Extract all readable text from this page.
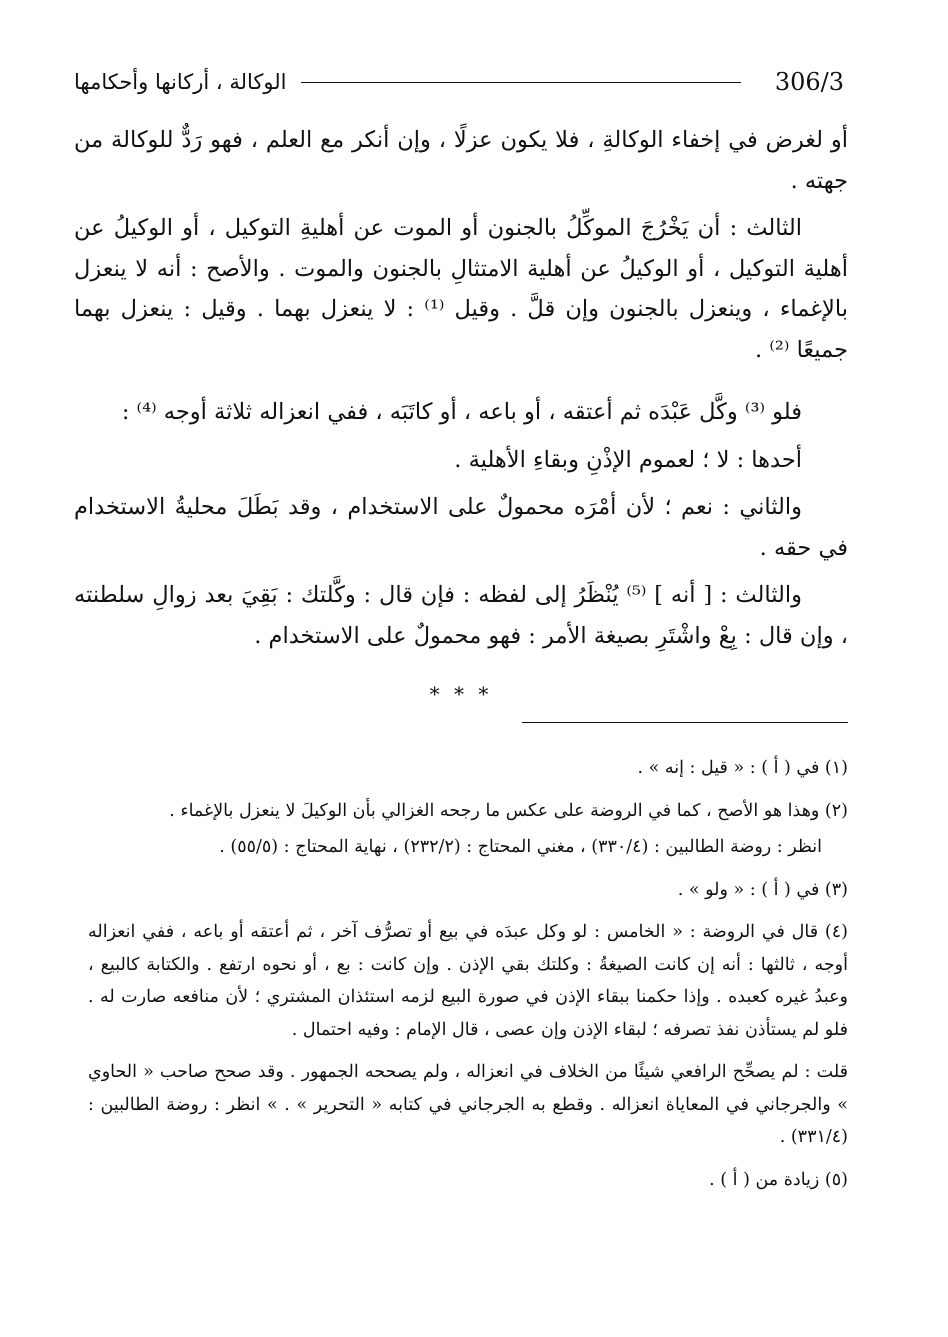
306/3
الوكالة ، أركانها وأحكامها

أو لغرض في إخفاء الوكالةِ ، فلا يكون عزلًا ، وإن أنكر مع العلم ، فهو رَدٌّ للوكالة من جهته .

الثالث : أن يَخْرُجَ الموكِّلُ بالجنون أو الموت عن أهليةِ التوكيل ، أو الوكيلُ عن أهلية التوكيل ، أو الوكيلُ عن أهلية الامتثالِ بالجنون والموت . والأصح : أنه لا ينعزل بالإغماء ، وينعزل بالجنون وإن قلَّ . وقيل ⁽¹⁾ : لا ينعزل بهما . وقيل : ينعزل بهما جميعًا ⁽²⁾ .

فلو ⁽³⁾ وكَّل عَبْدَه ثم أعتقه ، أو باعه ، أو كاتَبَه ، ففي انعزاله ثلاثة أوجه ⁽⁴⁾ :

أحدها : لا ؛ لعموم الإذْنِ وبقاءِ الأهلية .

والثاني : نعم ؛ لأن أمْرَه محمولٌ على الاستخدام ، وقد بَطَلَ محليةُ الاستخدام في حقه .

والثالث : [ أنه ] ⁽⁵⁾ يُنْظَرُ إلى لفظه : فإن قال : وكَّلتك : بَقِيَ بعد زوالِ سلطنته ، وإن قال : بِعْ واشْتَرِ بصيغة الأمر : فهو محمولٌ على الاستخدام .

* * *

(١) في ( أ ) : « قيل : إنه » .

(٢) وهذا هو الأصح ، كما في الروضة على عكس ما رجحه الغزالي بأن الوكيلَ لا ينعزل بالإغماء .

انظر : روضة الطالبين : (٣٣٠/٤) ، مغني المحتاج : (٢٣٢/٢) ، نهاية المحتاج : (٥٥/٥) .

(٣) في ( أ ) : « ولو » .

(٤) قال في الروضة : « الخامس : لو وكل عبدَه في بيع أو تصرُّف آخر ، ثم أعتقه أو باعه ، ففي انعزاله أوجه ، ثالثها : أنه إن كانت الصيغةُ : وكلتك بقي الإذن . وإن كانت : بع ، أو نحوه ارتفع . والكتابة كالبيع ، وعبدُ غيره كعبده . وإذا حكمنا ببقاء الإذن في صورة البيع لزمه استئذان المشتري ؛ لأن منافعه صارت له . فلو لم يستأذن نفذ تصرفه ؛ لبقاء الإذن وإن عصى ، قال الإمام : وفيه احتمال .

قلت : لم يصحِّح الرافعي شيئًا من الخلاف في انعزاله ، ولم يصححه الجمهور . وقد صحح صاحب « الحاوي » والجرجاني في المعاياة انعزاله . وقطع به الجرجاني في كتابه « التحرير » . » انظر : روضة الطالبين : (٣٣١/٤) .

(٥) زيادة من ( أ ) .
